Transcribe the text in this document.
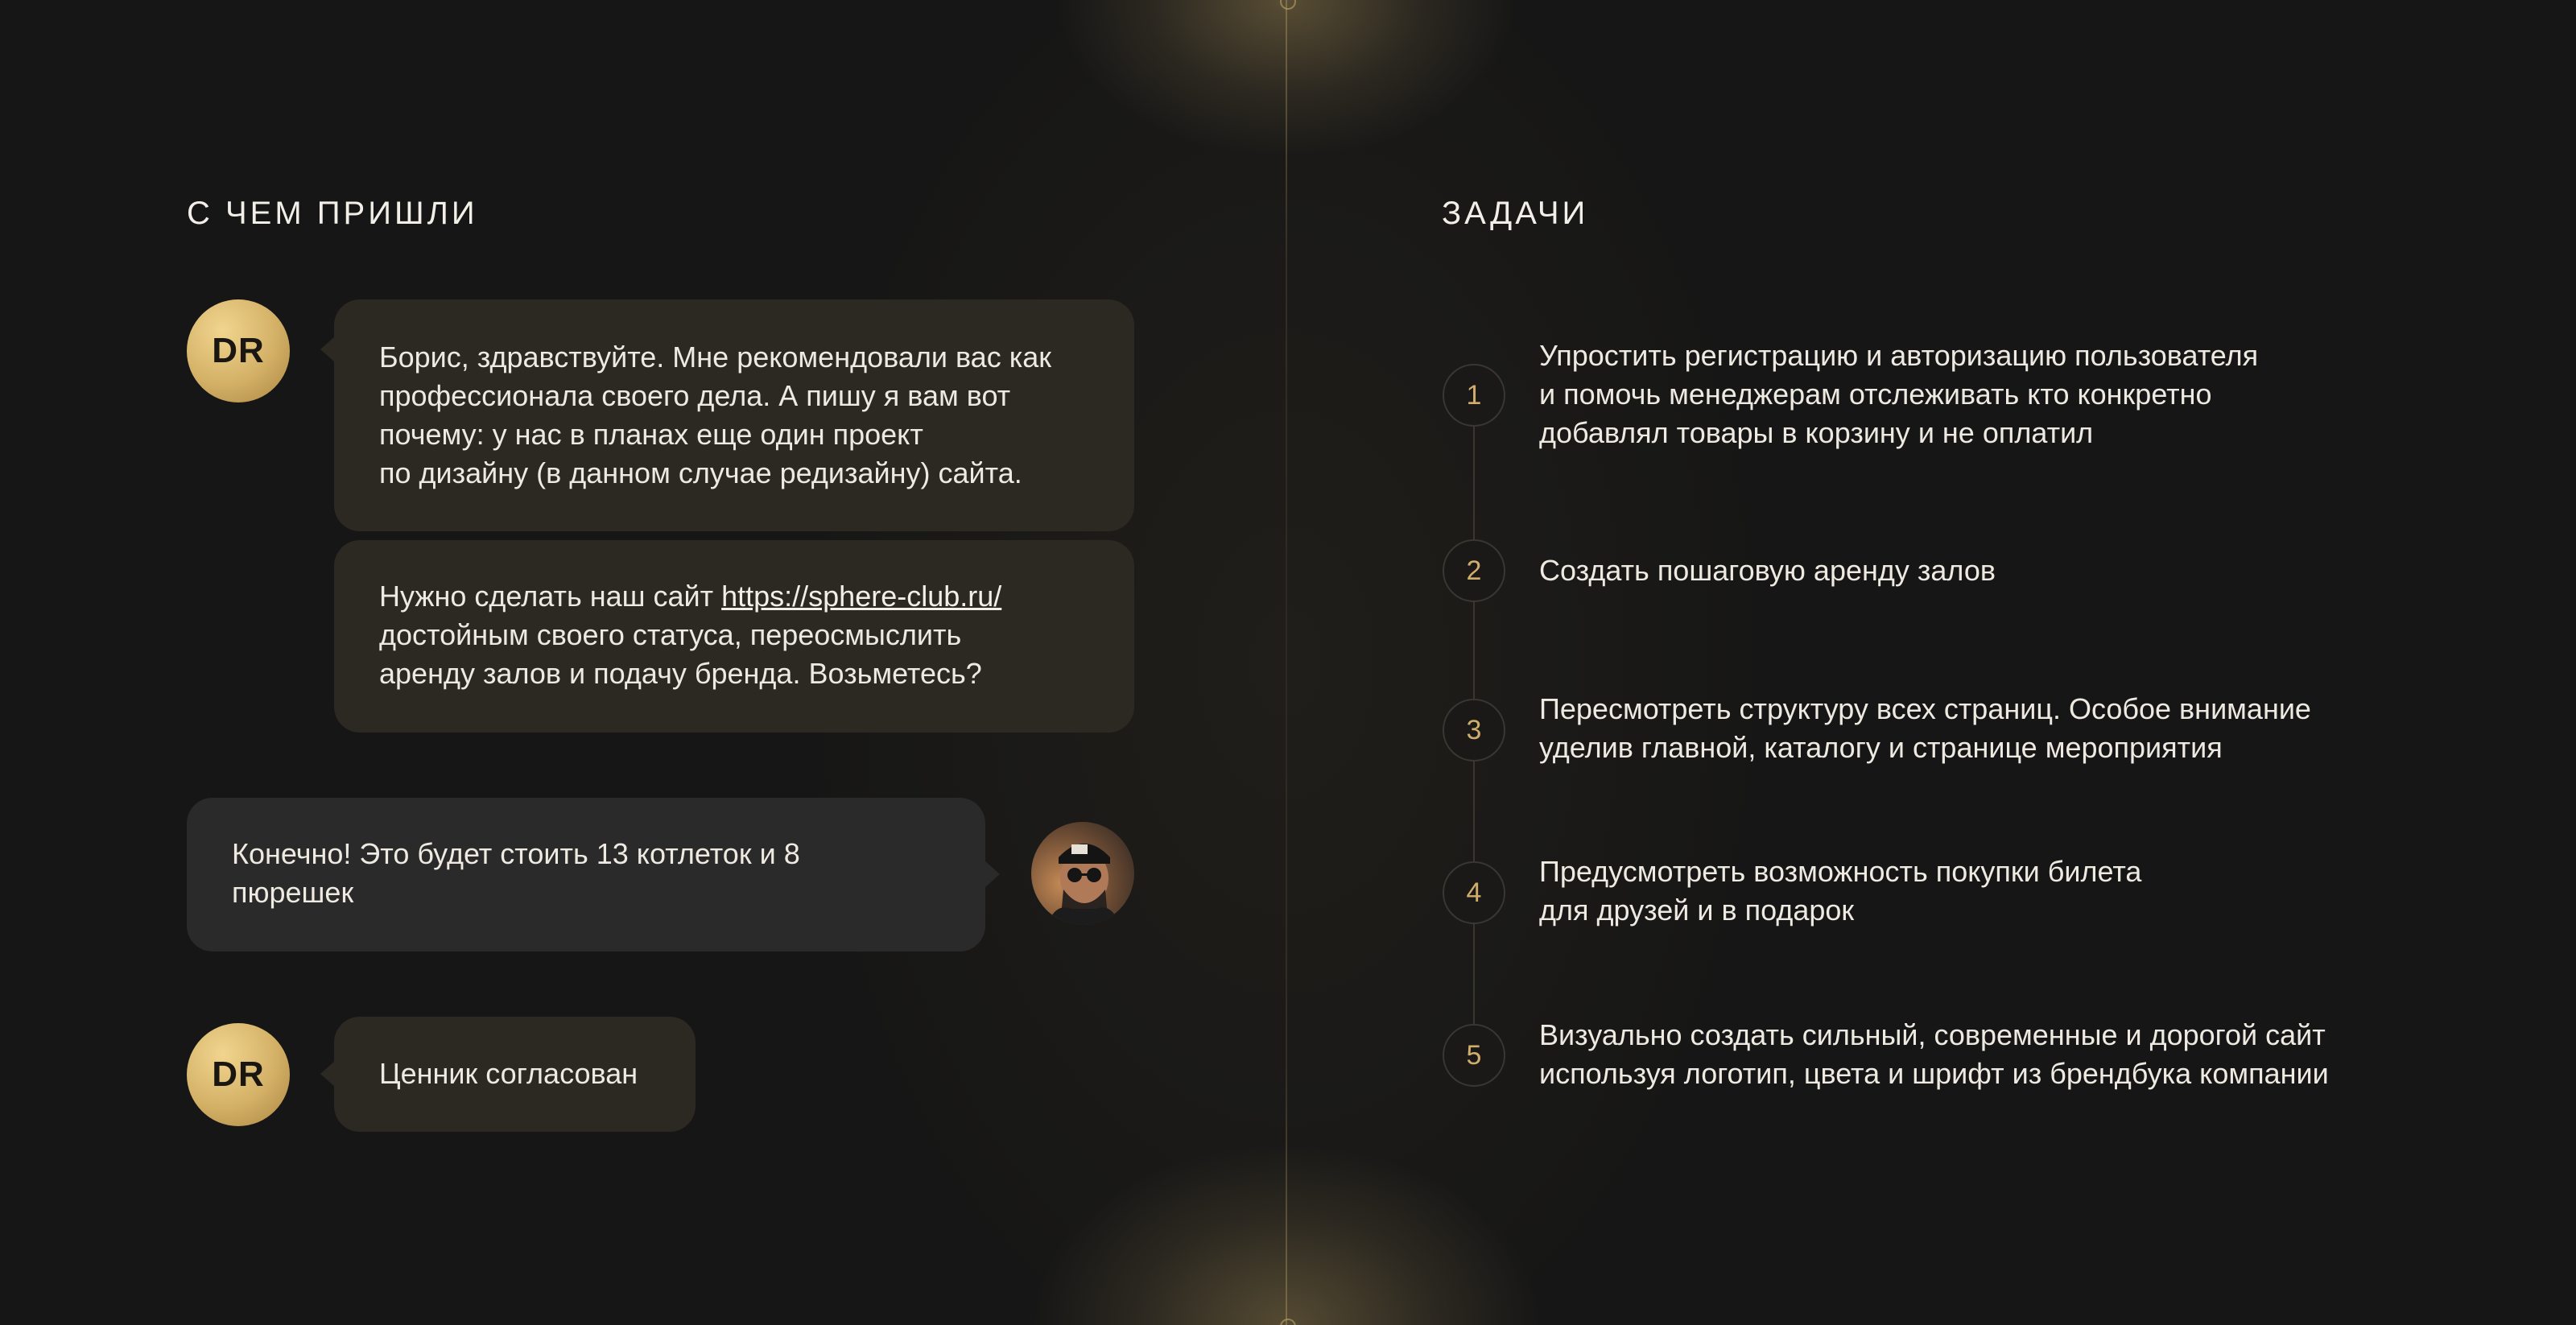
С ЧЕМ ПРИШЛИ
DR	Борис, здравствуйте. Мне рекомендовали вас как

профессионала своего дела. А пишу я вам вот

почему: у нас в планах еще один проект

по дизайну (в данном случае редизайну) сайта.

Нужно сделать наш сайт https://sphere-club.ru/

достойным своего статуса, переосмыслить

аренду залов и подачу бренда. Возьметесь?

Конечно! Это будет стоить 13 котлеток и 8

пюрешек

DR	Ценник согласован

ЗАДАЧИ
1
Упростить регистрацию и авторизацию пользователя
и помочь менеджерам отслеживать кто конкретно
добавлял товары в корзину и не оплатил
2	Создать пошаговую аренду залов
3
Пересмотреть структуру всех страниц. Особое внимание
уделив главной, каталогу и странице мероприятия
4
Предусмотреть возможность покупки билета
для друзей и в подарок
5
Визуально создать сильный, современные и дорогой сайт
используя логотип, цвета и шрифт из брендбука компании
